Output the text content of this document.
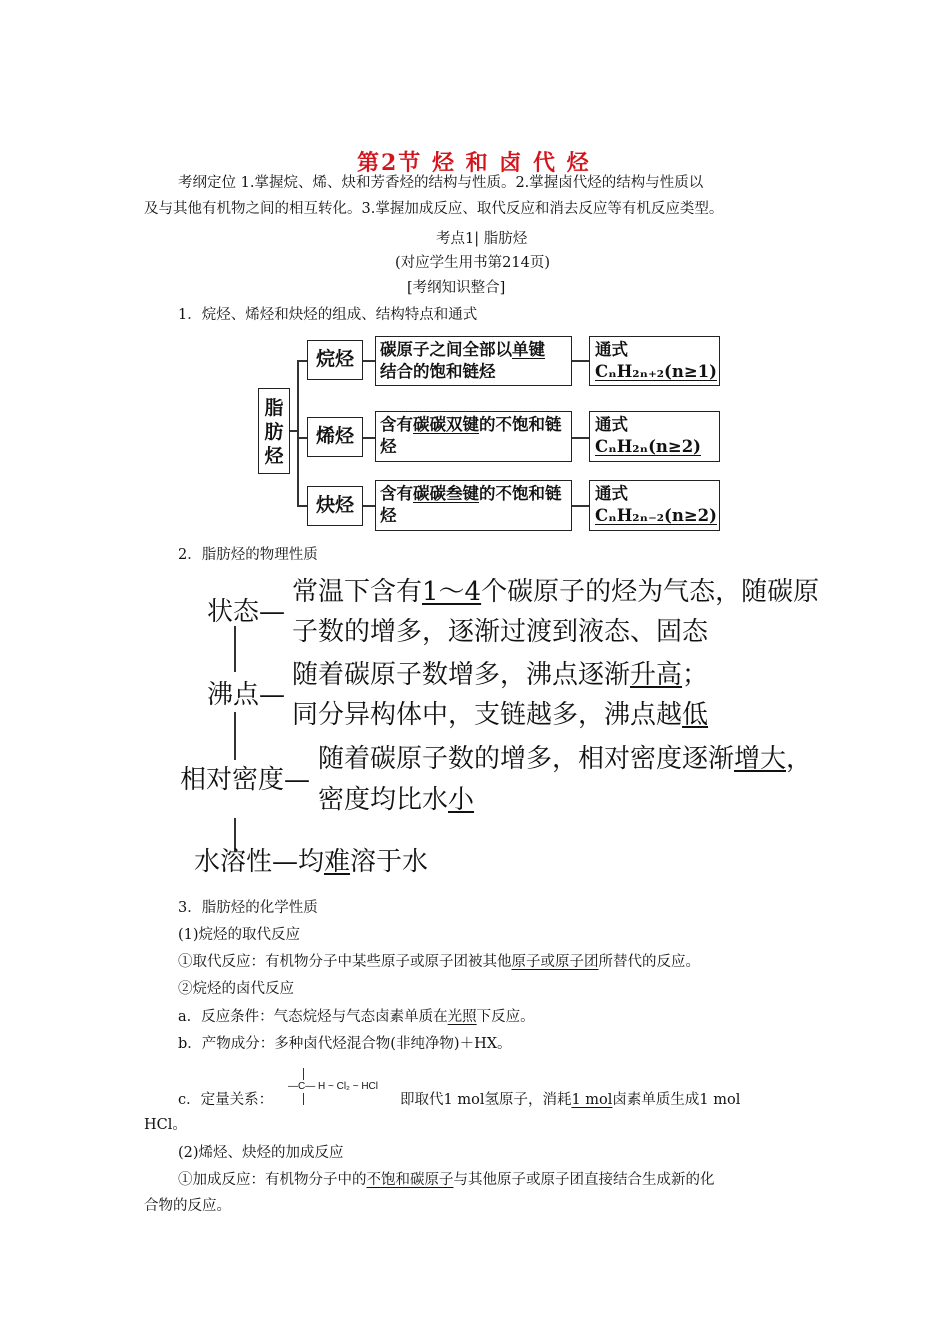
第2节 烃 和 卤 代 烃
考纲定位 1.掌握烷、烯、炔和芳香烃的结构与性质。2.掌握卤代烃的结构与性质以
及与其他有机物之间的相互转化。3.掌握加成反应、取代反应和消去反应等有机反应类型。
考点1| 脂肪烃
(对应学生用书第214页)
[考纲知识整合]
1．烷烃、烯烃和炔烃的组成、结构特点和通式
脂肪烃
烷烃	碳原子之间全部以单键
结合的饱和链烃
通式
CₙH₂ₙ₊₂(n≥1)
烯烃
含有碳碳双键的不饱和链烃
通式
CₙH₂ₙ(n≥2)
炔烃
含有碳碳叁键的不饱和链烃
通式
CₙH₂ₙ₋₂(n≥2)
2．脂肪烃的物理性质
状态—
常温下含有1～4个碳原子的烃为气态，随碳原
子数的增多，逐渐过渡到液态、固态
沸点—
随着碳原子数增多，沸点逐渐升高；
同分异构体中，支链越多，沸点越低
相对密度—
随着碳原子数的增多，相对密度逐渐增大，
密度均比水小
水溶性—均难溶于水
3．脂肪烃的化学性质
(1)烷烃的取代反应
①取代反应：有机物分子中某些原子或原子团被其他原子或原子团所替代的反应。
②烷烃的卤代反应
a．反应条件：气态烷烃与气态卤素单质在光照下反应。
b．产物成分：多种卤代烃混合物(非纯净物)＋HX。
c．定量关系：
—C— H ~ Cl₂ ~ HCl
即取代1 mol氢原子，消耗1 mol卤素单质生成1 mol
HCl。
(2)烯烃、炔烃的加成反应
①加成反应：有机物分子中的不饱和碳原子与其他原子或原子团直接结合生成新的化
合物的反应。
